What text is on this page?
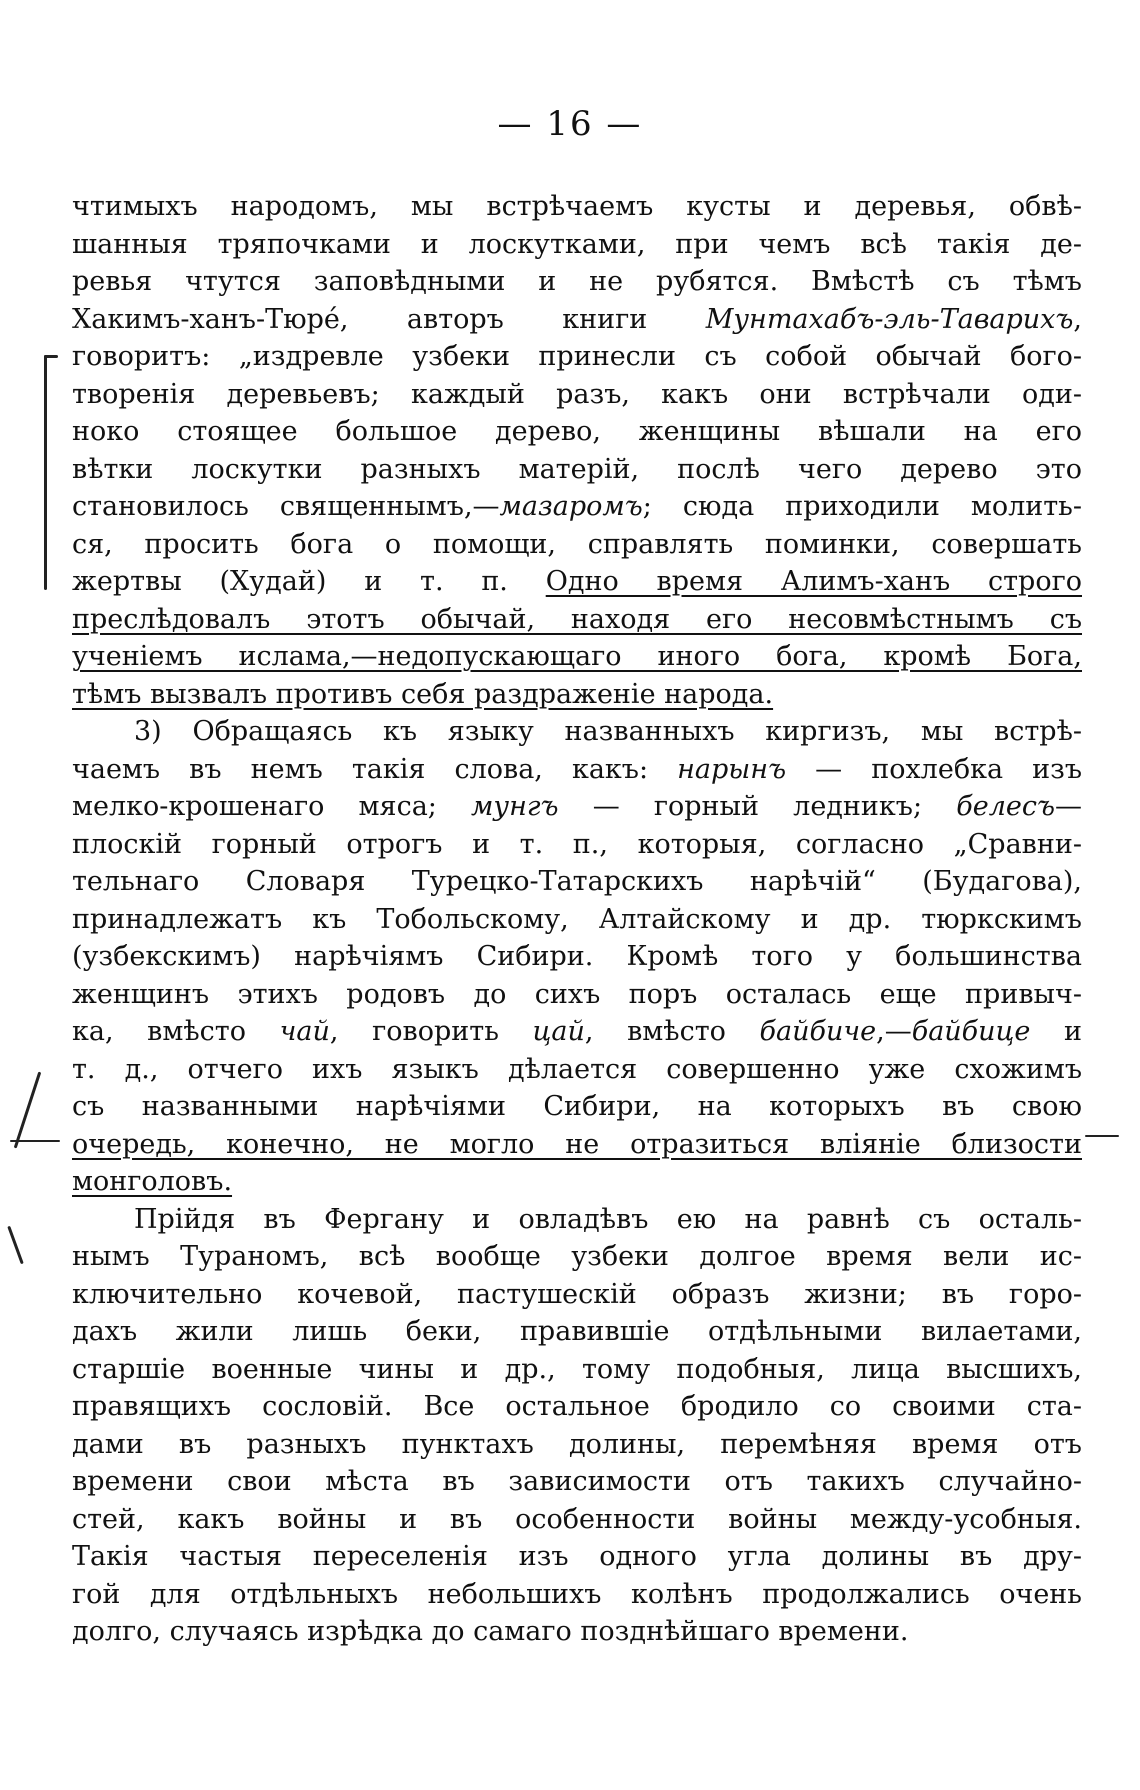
— 16 —
чтимыхъ народомъ, мы встрѣчаемъ кусты и деревья, обвѣ-
шанныя тряпочками и лоскутками, при чемъ всѣ такія де-
ревья чтутся заповѣдными и не рубятся. Вмѣстѣ съ тѣмъ
Хакимъ-ханъ-Тюрé, авторъ книги Мунтахабъ-эль-Таварихъ,
говоритъ: „издревле узбеки принесли съ собой обычай бого-
творенія деревьевъ; каждый разъ, какъ они встрѣчали оди-
ноко стоящее большое дерево, женщины вѣшали на его
вѣтки лоскутки разныхъ матерій, послѣ чего дерево это
становилось священнымъ,—мазаромъ; сюда приходили молить-
ся, просить бога о помощи, справлять поминки, совершать
жертвы (Худай) и т. п. Одно время Алимъ-ханъ строго
преслѣдовалъ этотъ обычай, находя его несовмѣстнымъ съ
ученіемъ ислама,—недопускающаго иного бога, кромѣ Бога,
тѣмъ вызвалъ противъ себя раздраженіе народа.
3) Обращаясь къ языку названныхъ киргизъ, мы встрѣ-
чаемъ въ немъ такія слова, какъ: нарынъ — похлебка изъ
мелко-крошенаго мяса; мунгъ — горный ледникъ; белесъ—
плоскій горный отрогъ и т. п., которыя, согласно „Сравни-
тельнаго Словаря Турецко-Татарскихъ нарѣчій“ (Будагова),
принадлежатъ къ Тобольскому, Алтайскому и др. тюркскимъ
(узбекскимъ) нарѣчіямъ Сибири. Кромѣ того у большинства
женщинъ этихъ родовъ до сихъ поръ осталась еще привыч-
ка, вмѣсто чай, говорить цай, вмѣсто байбиче,—байбице и
т. д., отчего ихъ языкъ дѣлается совершенно уже схожимъ
съ названными нарѣчіями Сибири, на которыхъ въ свою
очередь, конечно, не могло не отразиться вліяніе близости
монголовъ.
Прійдя въ Фергану и овладѣвъ ею на равнѣ съ осталь-
нымъ Тураномъ, всѣ вообще узбеки долгое время вели ис-
ключительно кочевой, пастушескій образъ жизни; въ горо-
дахъ жили лишь беки, правившіе отдѣльными вилаетами,
старшіе военные чины и др., тому подобныя, лица высшихъ,
правящихъ сословій. Все остальное бродило со своими ста-
дами въ разныхъ пунктахъ долины, перемѣняя время отъ
времени свои мѣста въ зависимости отъ такихъ случайно-
стей, какъ войны и въ особенности войны между-усобныя.
Такія частыя переселенія изъ одного угла долины въ дру-
гой для отдѣльныхъ небольшихъ колѣнъ продолжались очень
долго, случаясь изрѣдка до самаго позднѣйшаго времени.
